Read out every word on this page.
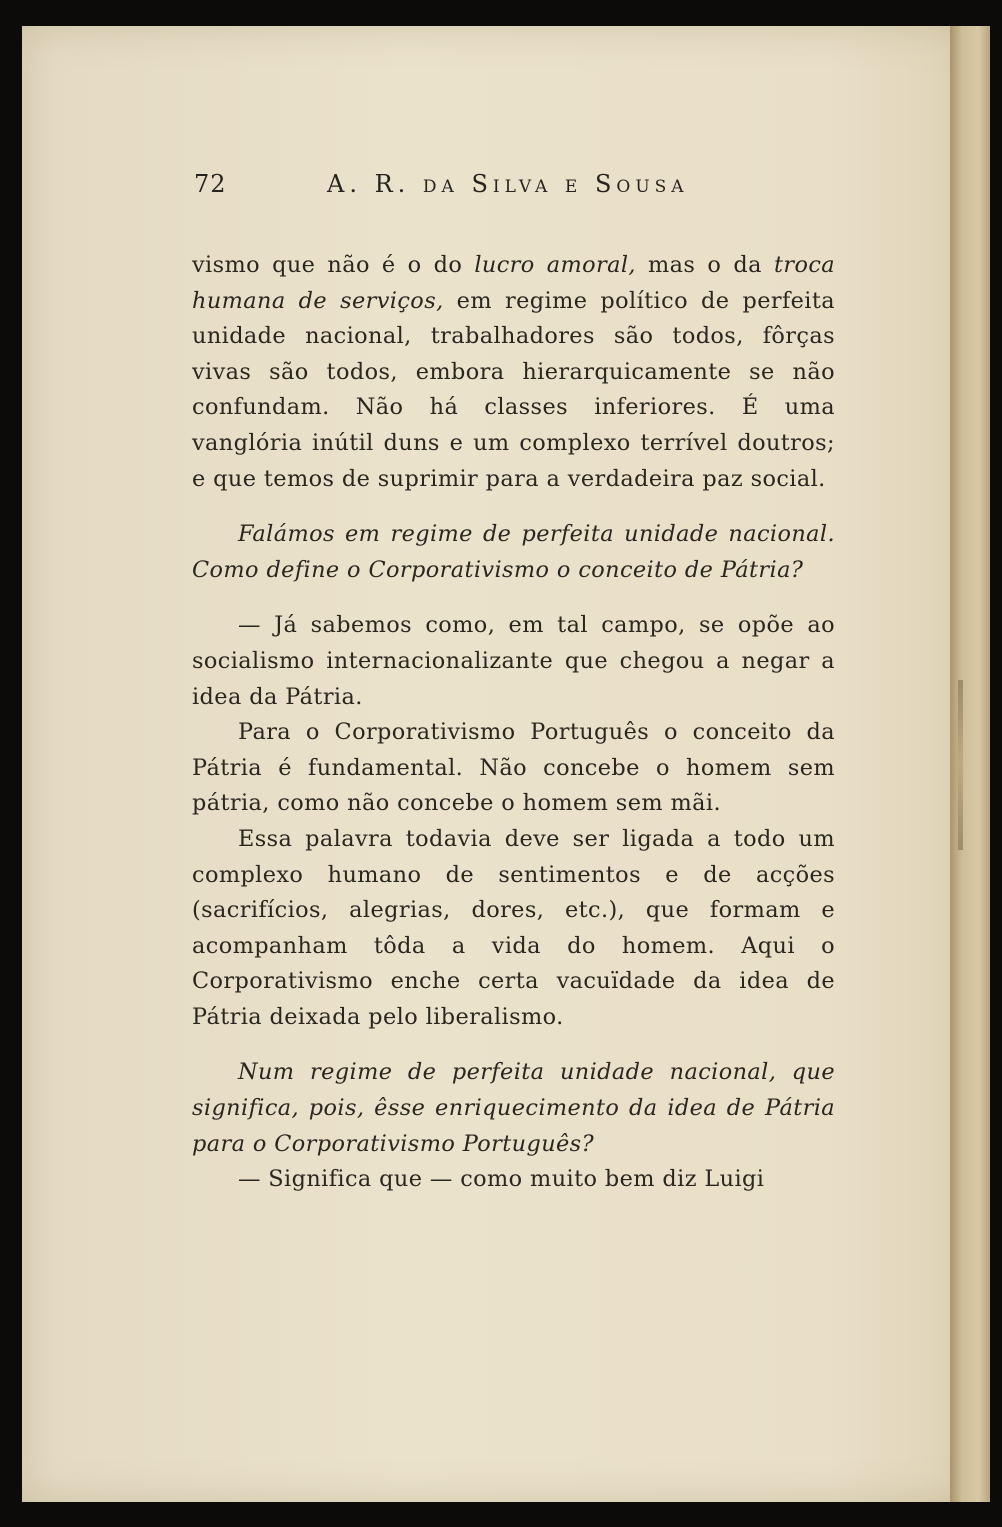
72	A. R. da Silva e Sousa

vismo que não é o do lucro amoral, mas o da troca humana de serviços, em regime político de perfeita unidade nacional, trabalhadores são todos, fôrças vivas são todos, embora hierarquicamente se não confundam. Não há classes inferiores. É uma vanglória inútil duns e um complexo terrível doutros; e que temos de suprimir para a verdadeira paz social.

Falámos em regime de perfeita unidade nacional. Como define o Corporativismo o conceito de Pátria?

— Já sabemos como, em tal campo, se opõe ao socialismo internacionalizante que chegou a negar a idea da Pátria.

Para o Corporativismo Português o conceito da Pátria é fundamental. Não concebe o homem sem pátria, como não concebe o homem sem mãi.

Essa palavra todavia deve ser ligada a todo um complexo humano de sentimentos e de acções (sacrifícios, alegrias, dores, etc.), que formam e acompanham tôda a vida do homem. Aqui o Corporativismo enche certa vacuïdade da idea de Pátria deixada pelo liberalismo.

Num regime de perfeita unidade nacional, que significa, pois, êsse enriquecimento da idea de Pátria para o Corporativismo Português?

— Significa que — como muito bem diz Luigi
